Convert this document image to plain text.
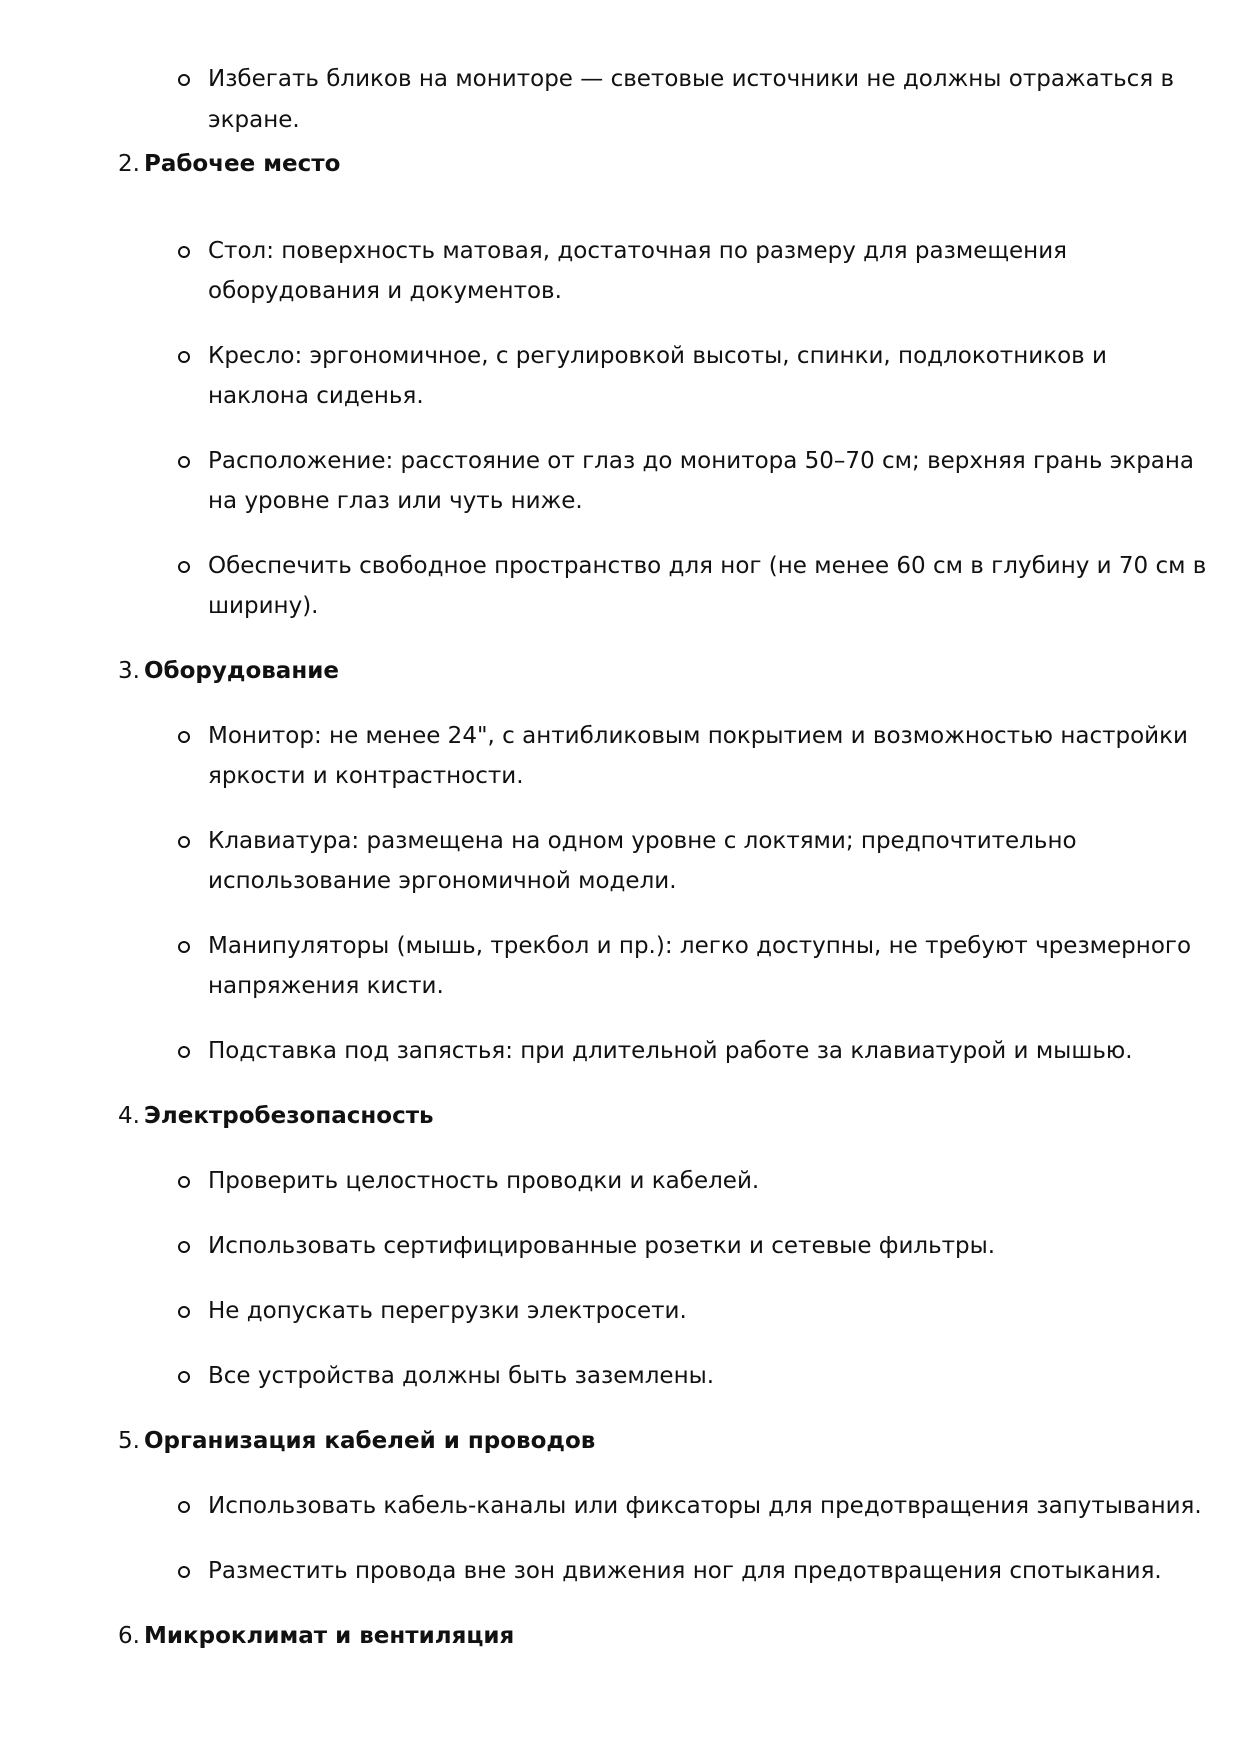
Избегать бликов на мониторе — световые источники не должны отражаться в

экране.

2. Рабочее место

Стол: поверхность матовая, достаточная по размеру для размещения

оборудования и документов.

Кресло: эргономичное, с регулировкой высоты, спинки, подлокотников и

наклона сиденья.

Расположение: расстояние от глаз до монитора 50–70 см; верхняя грань экрана

на уровне глаз или чуть ниже.

Обеспечить свободное пространство для ног (не менее 60 см в глубину и 70 см в

ширину).

3. Оборудование

Монитор: не менее 24", с антибликовым покрытием и возможностью настройки

яркости и контрастности.

Клавиатура: размещена на одном уровне с локтями; предпочтительно

использование эргономичной модели.

Манипуляторы (мышь, трекбол и пр.): легко доступны, не требуют чрезмерного

напряжения кисти.

Подставка под запястья: при длительной работе за клавиатурой и мышью.

4. Электробезопасность

Проверить целостность проводки и кабелей.

Использовать сертифицированные розетки и сетевые фильтры.

Не допускать перегрузки электросети.

Все устройства должны быть заземлены.

5. Организация кабелей и проводов

Использовать кабель-каналы или фиксаторы для предотвращения запутывания.

Разместить провода вне зон движения ног для предотвращения спотыкания.

6. Микроклимат и вентиляция
